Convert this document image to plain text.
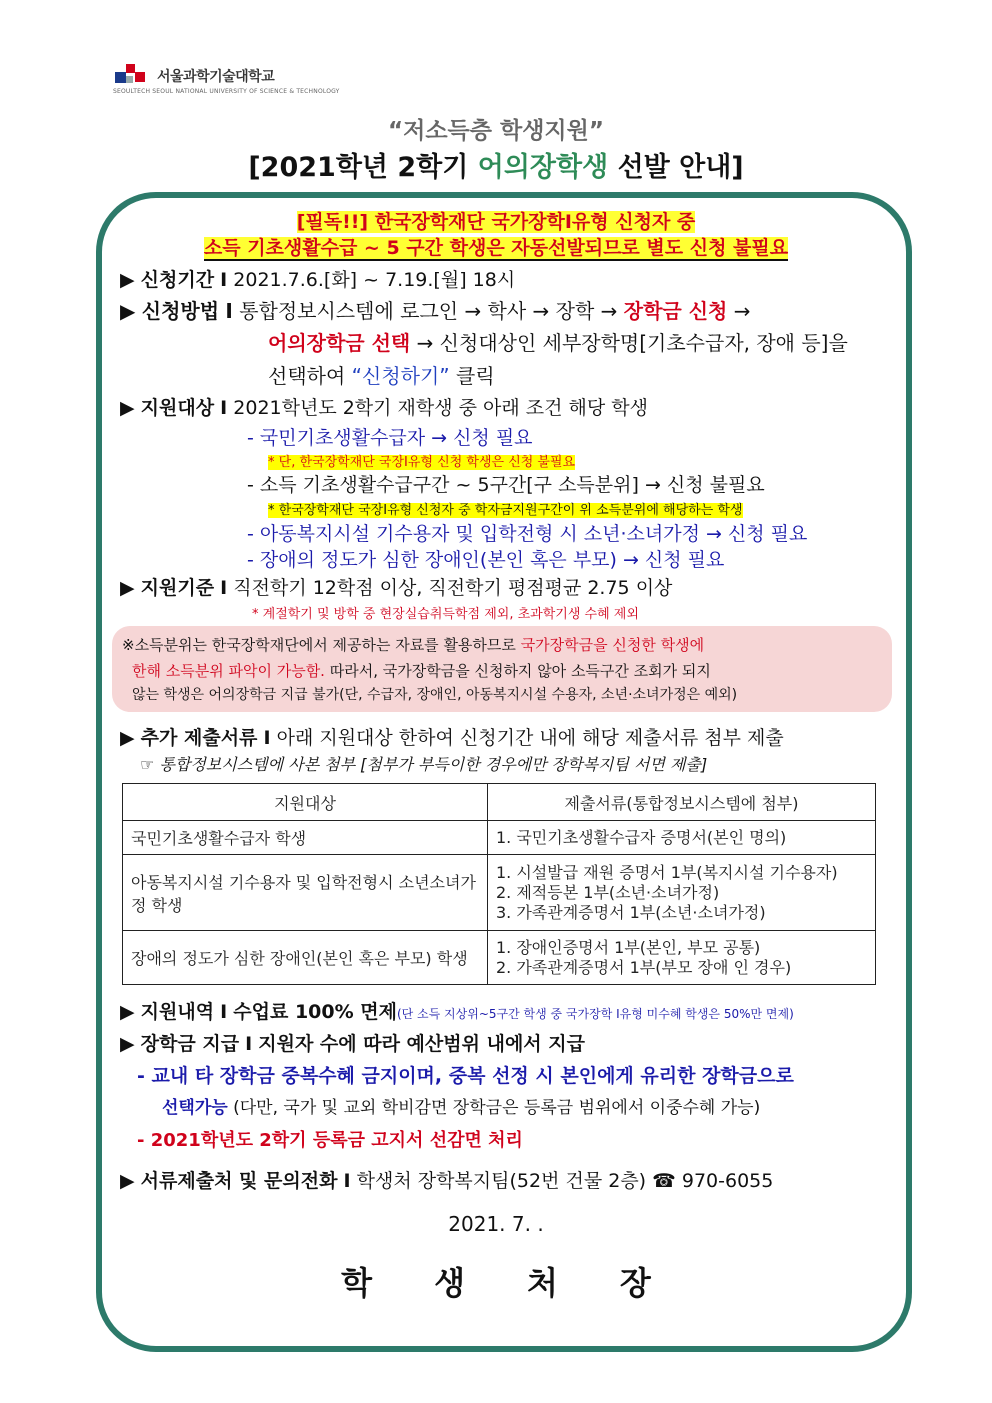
서울과학기술대학교
SEOULTECH SEOUL NATIONAL UNIVERSITY OF SCIENCE & TECHNOLOGY
“저소득층 학생지원”
[2021학년 2학기 어의장학생 선발 안내]
[필독!!] 한국장학재단 국가장학Ⅰ유형 신청자 중
소득 기초생활수급 ~ 5 구간 학생은 자동선발되므로 별도 신청 불필요
▶ 신청기간 I 2021.7.6.[화] ~ 7.19.[월] 18시
▶ 신청방법 I 통합정보시스템에 로그인 → 학사 → 장학 → 장학금 신청 →
어의장학금 선택 → 신청대상인 세부장학명[기초수급자, 장애 등]을
선택하여 “신청하기” 클릭
▶ 지원대상 I 2021학년도 2학기 재학생 중 아래 조건 해당 학생
- 국민기초생활수급자 → 신청 필요
* 단, 한국장학재단 국장Ⅰ유형 신청 학생은 신청 불필요
- 소득 기초생활수급구간 ~ 5구간[구 소득분위] → 신청 불필요
* 한국장학재단 국장Ⅰ유형 신청자 중 학자금지원구간이 위 소득분위에 해당하는 학생
- 아동복지시설 기수용자 및 입학전형 시 소년·소녀가정 → 신청 필요
- 장애의 정도가 심한 장애인(본인 혹은 부모) → 신청 필요
▶ 지원기준 I 직전학기 12학점 이상, 직전학기 평점평균 2.75 이상
* 계절학기 및 방학 중 현장실습취득학점 제외, 초과학기생 수혜 제외
※소득분위는 한국장학재단에서 제공하는 자료를 활용하므로 국가장학금을 신청한 학생에
한해 소득분위 파악이 가능함. 따라서, 국가장학금을 신청하지 않아 소득구간 조회가 되지
않는 학생은 어의장학금 지급 불가(단, 수급자, 장애인, 아동복지시설 수용자, 소년·소녀가정은 예외)
▶ 추가 제출서류 I 아래 지원대상 한하여 신청기간 내에 해당 제출서류 첨부 제출
☞ 통합정보시스템에 사본 첨부 [첨부가 부득이한 경우에만 장학복지팀 서면 제출]
지원대상	제출서류(통합정보시스템에 첨부)
국민기초생활수급자 학생	1. 국민기초생활수급자 증명서(본인 명의)

아동복지시설 기수용자 및 입학전형시 소년소녀가정 학생	1. 시설발급 재원 증명서 1부(복지시설 기수용자)
2. 제적등본 1부(소년·소녀가정)
3. 가족관계증명서 1부(소년·소녀가정)

장애의 정도가 심한 장애인(본인 혹은 부모) 학생	1. 장애인증명서 1부(본인, 부모 공통)
2. 가족관계증명서 1부(부모 장애 인 경우)
▶ 지원내역 I 수업료 100% 면제(단 소득 지상위~5구간 학생 중 국가장학 Ⅰ유형 미수혜 학생은 50%만 면제)
▶ 장학금 지급 I 지원자 수에 따라 예산범위 내에서 지급
- 교내 타 장학금 중복수혜 금지이며, 중복 선정 시 본인에게 유리한 장학금으로
선택가능 (다만, 국가 및 교외 학비감면 장학금은 등록금 범위에서 이중수혜 가능)
- 2021학년도 2학기 등록금 고지서 선감면 처리
▶ 서류제출처 및 문의전화 I 학생처 장학복지팀(52번 건물 2층) ☎ 970-6055
2021. 7. .
학생처장
